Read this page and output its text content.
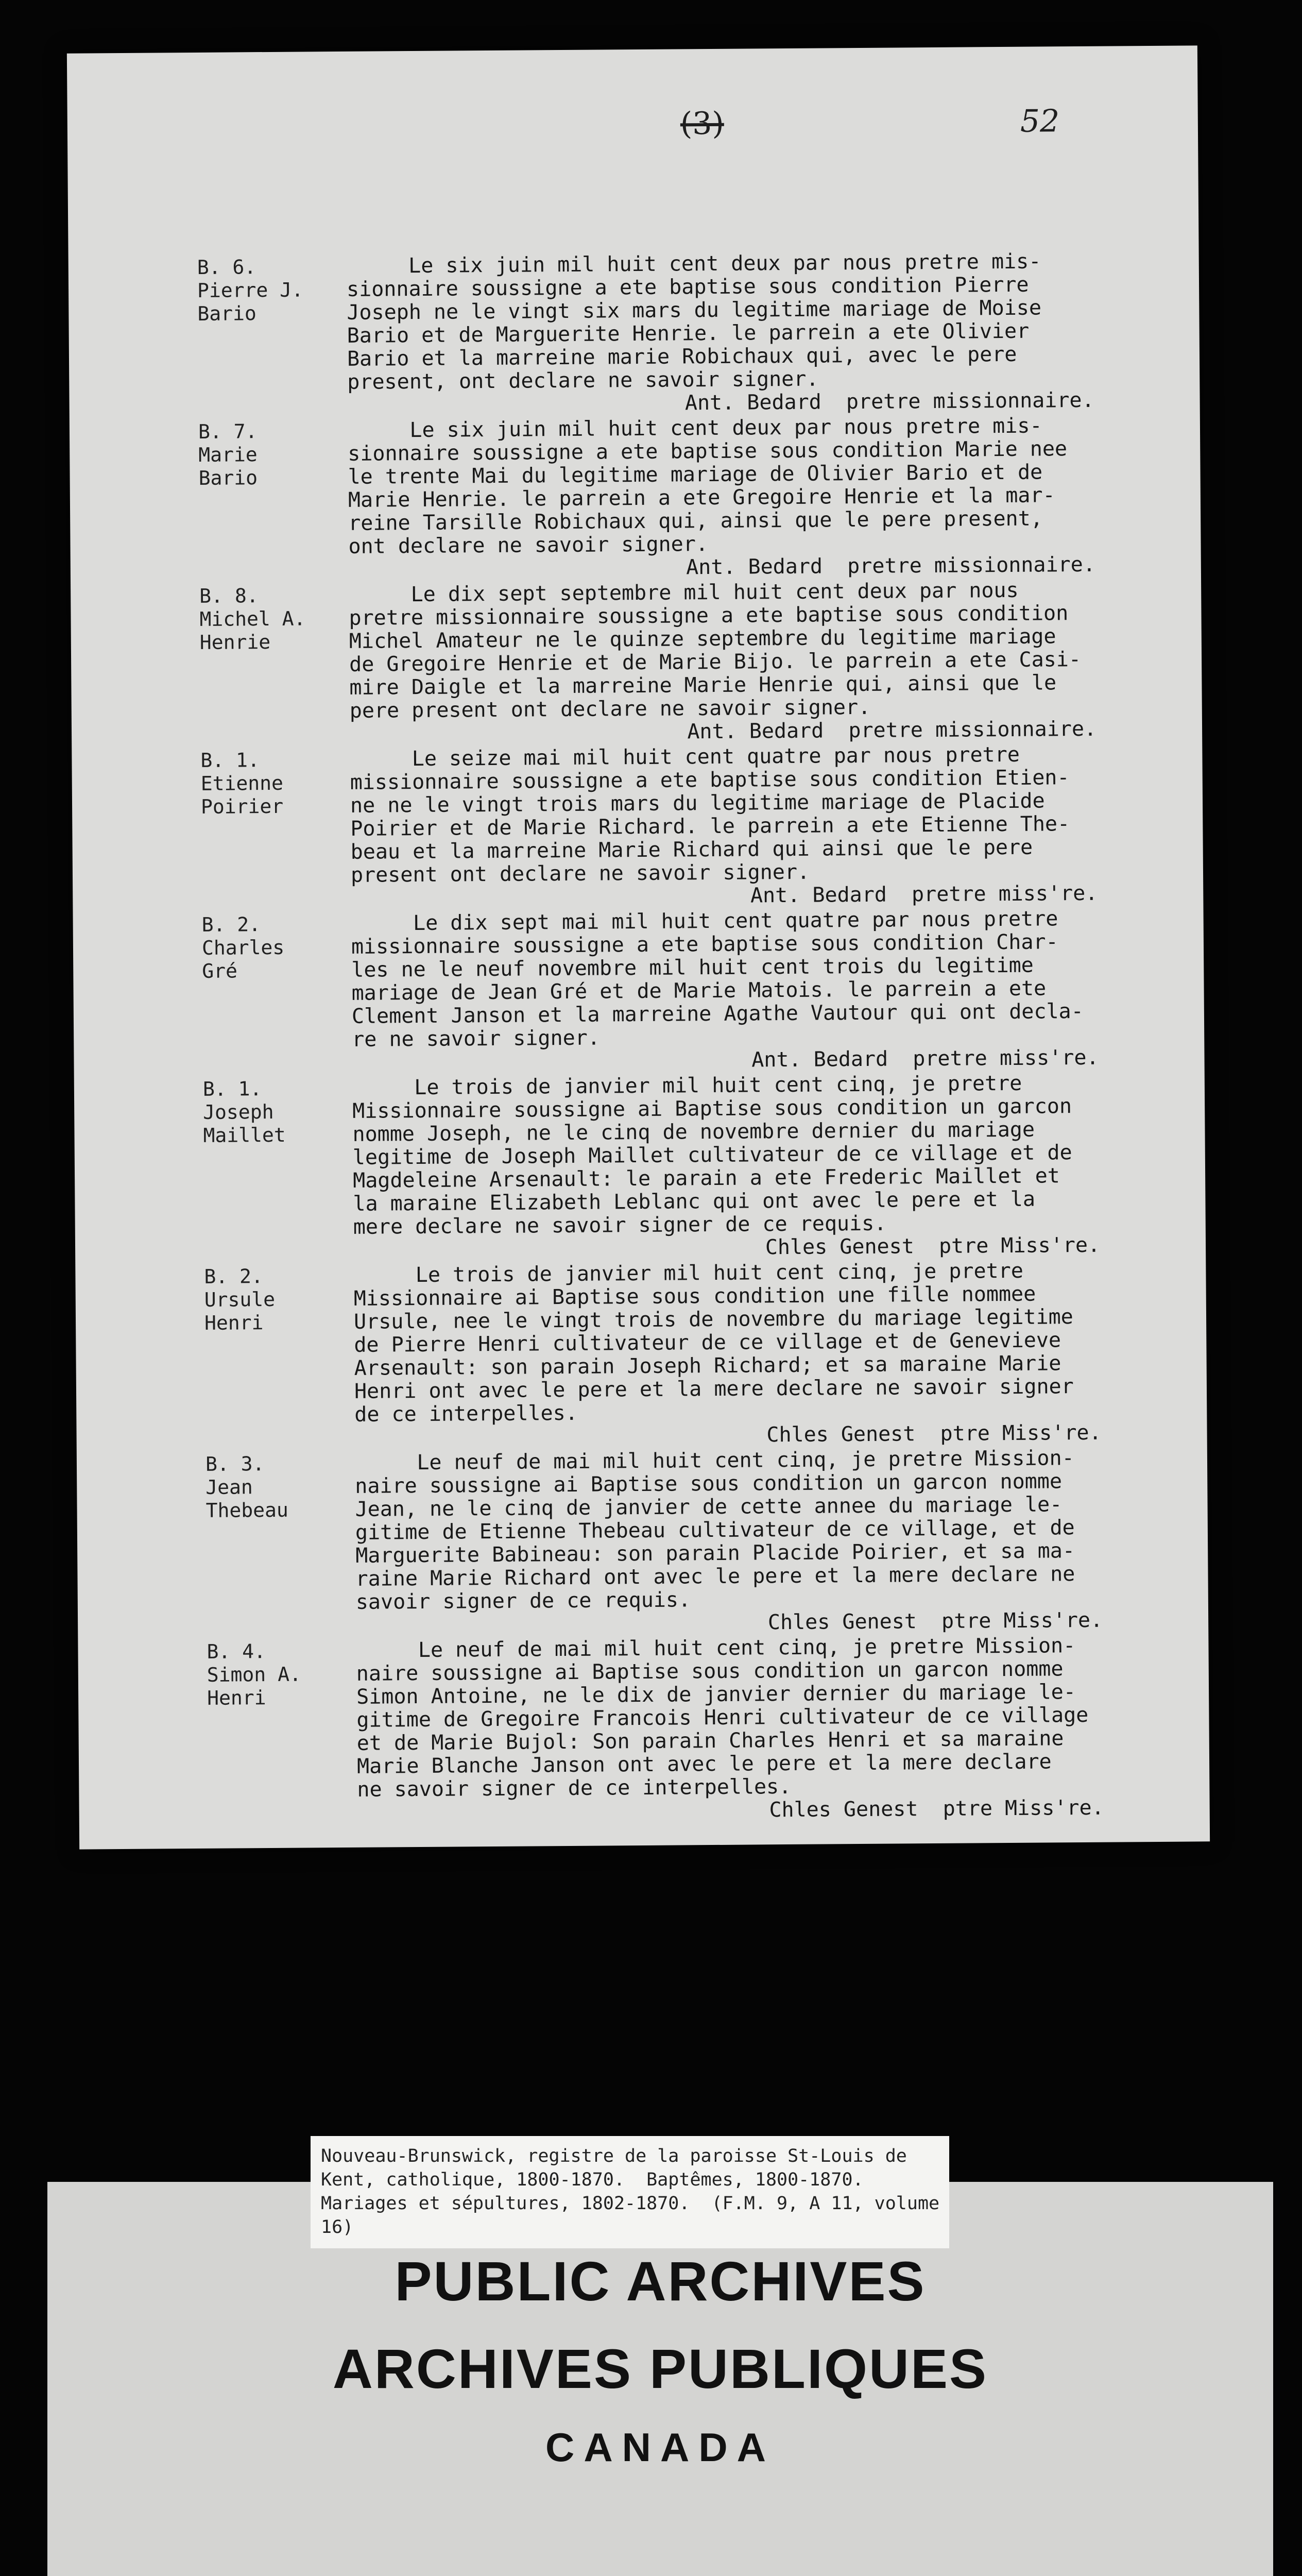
(3)	52
B. 6.
Pierre J.
Bario
Le six juin mil huit cent deux par nous pretre mis-
sionnaire soussigne a ete baptise sous condition Pierre
Joseph ne le vingt six mars du legitime mariage de Moise
Bario et de Marguerite Henrie. le parrein a ete Olivier
Bario et la marreine marie Robichaux qui, avec le pere
present, ont declare ne savoir signer.
Ant. Bedard  pretre missionnaire.
B. 7.
Marie
Bario
Le six juin mil huit cent deux par nous pretre mis-
sionnaire soussigne a ete baptise sous condition Marie nee
le trente Mai du legitime mariage de Olivier Bario et de
Marie Henrie. le parrein a ete Gregoire Henrie et la mar-
reine Tarsille Robichaux qui, ainsi que le pere present,
ont declare ne savoir signer.
Ant. Bedard  pretre missionnaire.
B. 8.
Michel A.
Henrie
Le dix sept septembre mil huit cent deux par nous
pretre missionnaire soussigne a ete baptise sous condition
Michel Amateur ne le quinze septembre du legitime mariage
de Gregoire Henrie et de Marie Bijo. le parrein a ete Casi-
mire Daigle et la marreine Marie Henrie qui, ainsi que le
pere present ont declare ne savoir signer.
Ant. Bedard  pretre missionnaire.
B. 1.
Etienne
Poirier
Le seize mai mil huit cent quatre par nous pretre
missionnaire soussigne a ete baptise sous condition Etien-
ne ne le vingt trois mars du legitime mariage de Placide
Poirier et de Marie Richard. le parrein a ete Etienne The-
beau et la marreine Marie Richard qui ainsi que le pere
present ont declare ne savoir signer.
Ant. Bedard  pretre miss're.
B. 2.
Charles
Gré
Le dix sept mai mil huit cent quatre par nous pretre
missionnaire soussigne a ete baptise sous condition Char-
les ne le neuf novembre mil huit cent trois du legitime
mariage de Jean Gré et de Marie Matois. le parrein a ete
Clement Janson et la marreine Agathe Vautour qui ont decla-
re ne savoir signer.
Ant. Bedard  pretre miss're.
B. 1.
Joseph
Maillet
Le trois de janvier mil huit cent cinq, je pretre
Missionnaire soussigne ai Baptise sous condition un garcon
nomme Joseph, ne le cinq de novembre dernier du mariage
legitime de Joseph Maillet cultivateur de ce village et de
Magdeleine Arsenault: le parain a ete Frederic Maillet et
la maraine Elizabeth Leblanc qui ont avec le pere et la
mere declare ne savoir signer de ce requis.
Chles Genest  ptre Miss're.
B. 2.
Ursule
Henri
Le trois de janvier mil huit cent cinq, je pretre
Missionnaire ai Baptise sous condition une fille nommee
Ursule, nee le vingt trois de novembre du mariage legitime
de Pierre Henri cultivateur de ce village et de Genevieve
Arsenault: son parain Joseph Richard; et sa maraine Marie
Henri ont avec le pere et la mere declare ne savoir signer
de ce interpelles.
Chles Genest  ptre Miss're.
B. 3.
Jean
Thebeau
Le neuf de mai mil huit cent cinq, je pretre Mission-
naire soussigne ai Baptise sous condition un garcon nomme
Jean, ne le cinq de janvier de cette annee du mariage le-
gitime de Etienne Thebeau cultivateur de ce village, et de
Marguerite Babineau: son parain Placide Poirier, et sa ma-
raine Marie Richard ont avec le pere et la mere declare ne
savoir signer de ce requis.
Chles Genest  ptre Miss're.
B. 4.
Simon A.
Henri
Le neuf de mai mil huit cent cinq, je pretre Mission-
naire soussigne ai Baptise sous condition un garcon nomme
Simon Antoine, ne le dix de janvier dernier du mariage le-
gitime de Gregoire Francois Henri cultivateur de ce village
et de Marie Bujol: Son parain Charles Henri et sa maraine
Marie Blanche Janson ont avec le pere et la mere declare
ne savoir signer de ce interpelles.
Chles Genest  ptre Miss're.
PUBLIC ARCHIVES
ARCHIVES PUBLIQUES
CANADA
Nouveau-Brunswick, registre de la paroisse St-Louis de
Kent, catholique, 1800-1870.  Baptêmes, 1800-1870.
Mariages et sépultures, 1802-1870.  (F.M. 9, A 11, volume
16)
